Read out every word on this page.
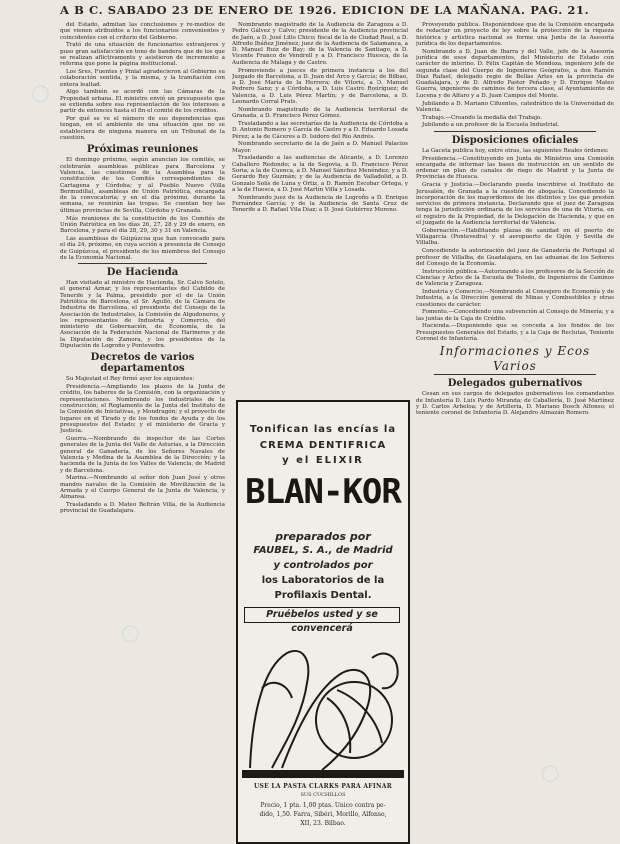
A B C. SABADO 23 DE ENERO DE 1926. EDICION DE LA MAÑANA. PAG. 21.

del Estado, admitan las conclusiones y re-medios de que vienen atribuídos a los funcionarios convenientes y coincidentes con el criterio del Gobierno.

Trató de una situación de funcionarios extranjeros y puso gran satisfacción en tono de bandera que de los que se realizan aflictivamente y asistieron de incremento a reforma que pone la página institucional.

Los Sres. Fuentes y Pinial agradecieron al Gobierno su colaboración sentida, y la misma, y la tramitación con entera lealtad.

Algo también se acordó con las Cámaras de la Propiedad urbana. El ministro envió un presupuesto que se extienda sobre esa representación de los intereses a partir de entonces hasta el fin el comité de los créditos.

Por qué se ve el número de sus dependencias que tengan, en el ambiente de una situación que no se estableciera de ninguna manera en un Tribunal de la cuestión.

Próximas reuniones

El domingo próximo, según anuncian los comités, se celebrarán asambleas públicas para Barcelona y Valencia, las cuestiones de la Asamblea para la constitución de los Comités correspondientes de Cartagena y Córdoba; y al Pueblo Nuevo (Villa Bermudilla), asambleas de Unión Patriótica, encargada de la convocatoria; y en el día próximo, durante la semana, se reunirán las tropas. Se cuentan hoy las últimas provincias de Sevilla, Córdoba y Granada.

Más reuniones de la constitución de los Comités de Unión Patriótica en los días 26, 27, 28 y 29 de enero, en Barcelona, y para el día 28, 29, 30 y 31 en Valencia.

Las asambleas de Guipúzcoa que han convocado para el día 24, próximo, en cuya acción a presencia de Consejo de Guipúzcoa, el presidente de los miembros del Consejo de la Economía Nacional.

De Hacienda

Han visitado al ministro de Hacienda, Sr. Calvo Sotelo, el general Aznar, y los representantes del Cabildo de Tenerife y la Palma, presidido por el de la Unión Patriótica de Barcelona, el Sr. Agulló, de la Cámara de Industria de Barcelona, el presidente del Consejo de la Asociación de Industriales, la Comisión de Algodoneros, y los representantes de Industria y Comercio, del ministerio de Gobernación, de Economía, de la Asociación de la Federación Nacional de Harineros y de la Diputación de Zamora, y los presidentes de la Diputación de Logroño y Pontevedra.

Decretos de varios departamentos

Su Majestad el Rey firmó ayer los siguientes:

Presidencia.—Ampliando los plazos de la Junta de crédito, los haberes de la Comisión, con la organización y representaciones. Nombrando los industriales de la construcción; el Reglamento de la Junta del Instituto de la Comisión de Iniciativas, y Mondragón; y el proyecto de lugares en el Tirado y de los fondos de Ayuda y de los presupuestos del Estado; y el ministerio de Gracia y Justicia.

Guerra.—Nombrando de inspector de las Cortes generales de la Junta del Valle de Asturias, a la Dirección general de Ganadería, de los Señores Navales de Valencia y Medina de la Asamblea de la Dirección; y la hacienda de la Junta de los Valles de Valencia, de Madrid y de Barcelona.

Marina.—Nombrando al señor don Juan José y otros mandos navales de la Comisión de Movilización de la Armada y el Cuerpo General de la Junta de Valencia, y Almansa.

Trasladando a D. Mateo Beltrán Villa, de la Audiencia provincial de Guadalajara.

Nombrando magistrado de la Audiencia de Zaragoza a D. Pedro Gálvez y Calvo; presidente de la Audiencia provincial de Jaén, a D. José Lillo Chico; fiscal de la de Ciudad Real, a D. Alfredo Ibáñez Jiménez; juez de la Audiencia de Salamanca, a D. Manuel Ruiz de Bay; de la Valencia de Santiago, a D. Vicente Franco de Vendrell y a D. Francisco Huesca, de la Audiencia de Málaga y de Castro.

Promoviendo a jueces de primera instancia a los del Juzgado de Barcelona, a D. Juan del Arco y García; de Bilbao, a D. José María de la Herrera; de Vitoria, a D. Manuel Pedrero Sanz; y a Córdoba, a D. Luis Castro Rodríguez; de Valencia, a D. Luis Pérez Martín; y de Barcelona, a D. Leonardo Corral Prats.

Nombrando magistrado de la Audiencia territorial de Granada, a D. Francisco Pérez Gómez.

Trasladando a las secretarías de la Audiencia de Córdoba a D. Antonio Romero y García de Castro y a D. Eduardo Losada Pérez; a la de Cáceres a D. Isidoro del Río Andrés.

Nombrando secretario de la de Jaén a D. Manuel Palacios Mayor.

Trasladando a las audiencias de Alicante, a D. Lorenzo Caballero Redondo; a la de Segovia, a D. Francisco Pérez Soria; a la de Cuenca, a D. Manuel Sánchez Menéndez; y a D. Gerardo Rey Guzmán; y de la Audiencia de Valladolid, a D. Gonzalo Solís de Luna y Ortiz, a D. Ramón Escobar Ortega, y a la de Huesca, a D. José Martín Villa y Losada.

Nombrando juez de la Audiencia de Logroño a D. Enrique Fernández García; y de la Audiencia de Santa Cruz de Tenerife a D. Rafael Vila Díaz; a D. José Gutiérrez Moreno.

Tonifican las encías la
CREMA DENTIFRICA
y el ELIXIR
BLAN-KOR
preparados por
FAUBEL, S. A., de Madrid
y controlados por
los Laboratorios de la
Profilaxis Dental.
Pruébelos usted y se convencerá
USE LA PASTA CLARKS PARA AFINAR
SUS CUCHILLOS
Precio, 1 pta. 1,00 ptas. Unico contra pe-
dido, 1,50. Farra, Sibéri, Morillo, Alfonso,
XII, 23. Bilbao.

Proveyendo pública. Disponiéndose que de la Comisión encargada de redactar un proyecto de ley sobre la protección de la riqueza histórica y artística nacional se forme una Junta de la Asesoría jurídica de los departamentos.

Nombrando a D. Juan de Ibarra y del Valle, jefe de la Asesoría jurídica de esos departamentos, del Ministerio de Estado con carácter de interino. D. Félix Capitán de Mendoza, ingeniero jefe de segunda clase del Cuerpo de Ingenieros Geógrafos, a don Ramón Díaz Rafael, delegado regio de Bellas Artes en la provincia de Guadalajara, y de D. Alfredo Pastor Peñado y D. Enrique Mateo Guerra, ingenieros de caminos de tercera clase, al Ayuntamiento de Lucena y de Alfaro y a D. Juan Campos del Monte.

Jubilando a D. Mariano Cifuentes, catedrático de la Universidad de Valencia.

Trabajo.—Creando la medalla del Trabajo.

Jubilando a un profesor de la Escuela Industrial.

Disposiciones oficiales

La Gaceta publica hoy, entre otras, las siguientes Reales órdenes:

Presidencia.—Constituyendo en Junta de Ministros una Comisión encargada de informar las bases de instrucción en un sentido de ordenar un plan de canales de riego de Madrid y la Junta de Provincias de Huesca.

Gracia y Justicia.—Declarando pueda inscribirse el Instituto de Jerusalén, de Granada a la cuestión de abogacía. Concediendo la incorporación de los mayordomos de los distintos y los que presten servicios de primera instancia. Declarando que el juez de Zaragoza tenga la jurisdicción ordinaria de los servicios de una de Vitoria, en el registro de la Propiedad, de la Delegación de Hacienda, y que en el juzgado de la Audiencia territorial de Valencia.

Gobernación.—Habilitando plazas de sanidad en el puerto de Villagarcía (Pontevedra) y el aeropuerto de Gijón y Sevilla de Villalba.

Concediendo la autorización del juez de Ganadería de Portugal al profesor de Villalba, de Guadalajara, en las aduanas de los Señores del Consejo de la Economía.

Instrucción pública.—Autorizando a los profesores de la Sección de Ciencias y Artes de la Escuela de Toledo, de Ingenieros de Caminos de Valencia y Zaragoza.

Industria y Comercio.—Nombrando al Consejero de Economía y de Industria, a la Dirección general de Minas y Combustibles y otras cuestiones de carácter.

Fomento.—Concediendo una subvención al Consejo de Minería; y a las juntas de la Caja de Crédito.

Hacienda.—Disponiendo que se conceda a los fondos de los Presupuestos Generales del Estado, y a la Caja de Reclutas, Teniente Coronel de Infantería.

Informaciones y Ecos
Varios
Delegados gubernativos

Cesan en sus cargos de delegados gubernativos los comandantes de Infantería D. Luis Pardo Miranda; de Caballería, D. José Martínez y D. Carlos Arbeloa; y de Artillería, D. Mariano Bosch Alfonso; el teniente coronel de Infantería D. Alejandro Almazán Romero.

○	○
○
○
○
